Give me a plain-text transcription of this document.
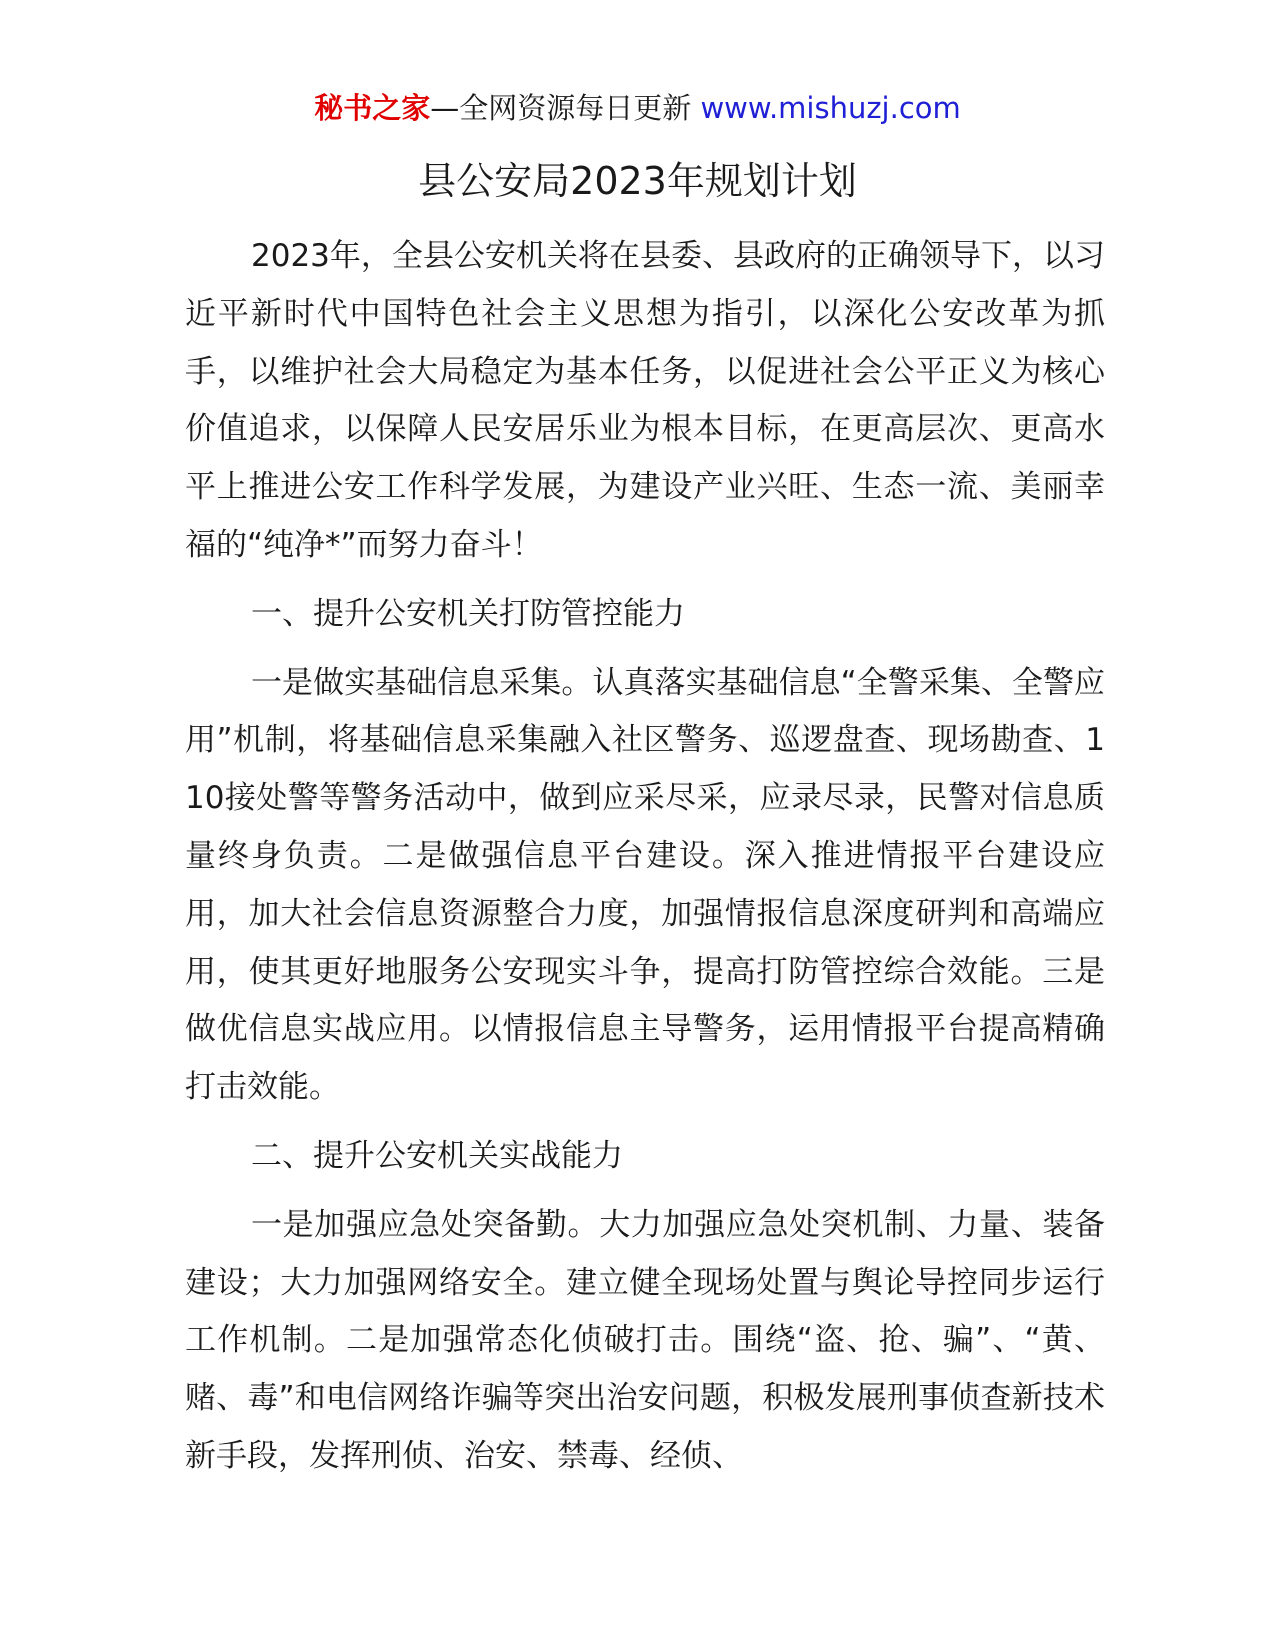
秘书之家—全网资源每日更新 www.mishuzj.com
县公安局2023年规划计划

2023年，全县公安机关将在县委、县政府的正确领导下，以习近平新时代中国特色社会主义思想为指引，以深化公安改革为抓手，以维护社会大局稳定为基本任务，以促进社会公平正义为核心价值追求，以保障人民安居乐业为根本目标，在更高层次、更高水平上推进公安工作科学发展，为建设产业兴旺、生态一流、美丽幸福的“纯净*”而努力奋斗！

一、提升公安机关打防管控能力

一是做实基础信息采集。认真落实基础信息“全警采集、全警应用”机制，将基础信息采集融入社区警务、巡逻盘查、现场勘查、110接处警等警务活动中，做到应采尽采，应录尽录，民警对信息质量终身负责。二是做强信息平台建设。深入推进情报平台建设应用，加大社会信息资源整合力度，加强情报信息深度研判和高端应用，使其更好地服务公安现实斗争，提高打防管控综合效能。三是做优信息实战应用。以情报信息主导警务，运用情报平台提高精确打击效能。

二、提升公安机关实战能力

一是加强应急处突备勤。大力加强应急处突机制、力量、装备建设；大力加强网络安全。建立健全现场处置与舆论导控同步运行工作机制。二是加强常态化侦破打击。围绕“盗、抢、骗”、“黄、赌、毒”和电信网络诈骗等突出治安问题，积极发展刑事侦查新技术新手段，发挥刑侦、治安、禁毒、经侦、
